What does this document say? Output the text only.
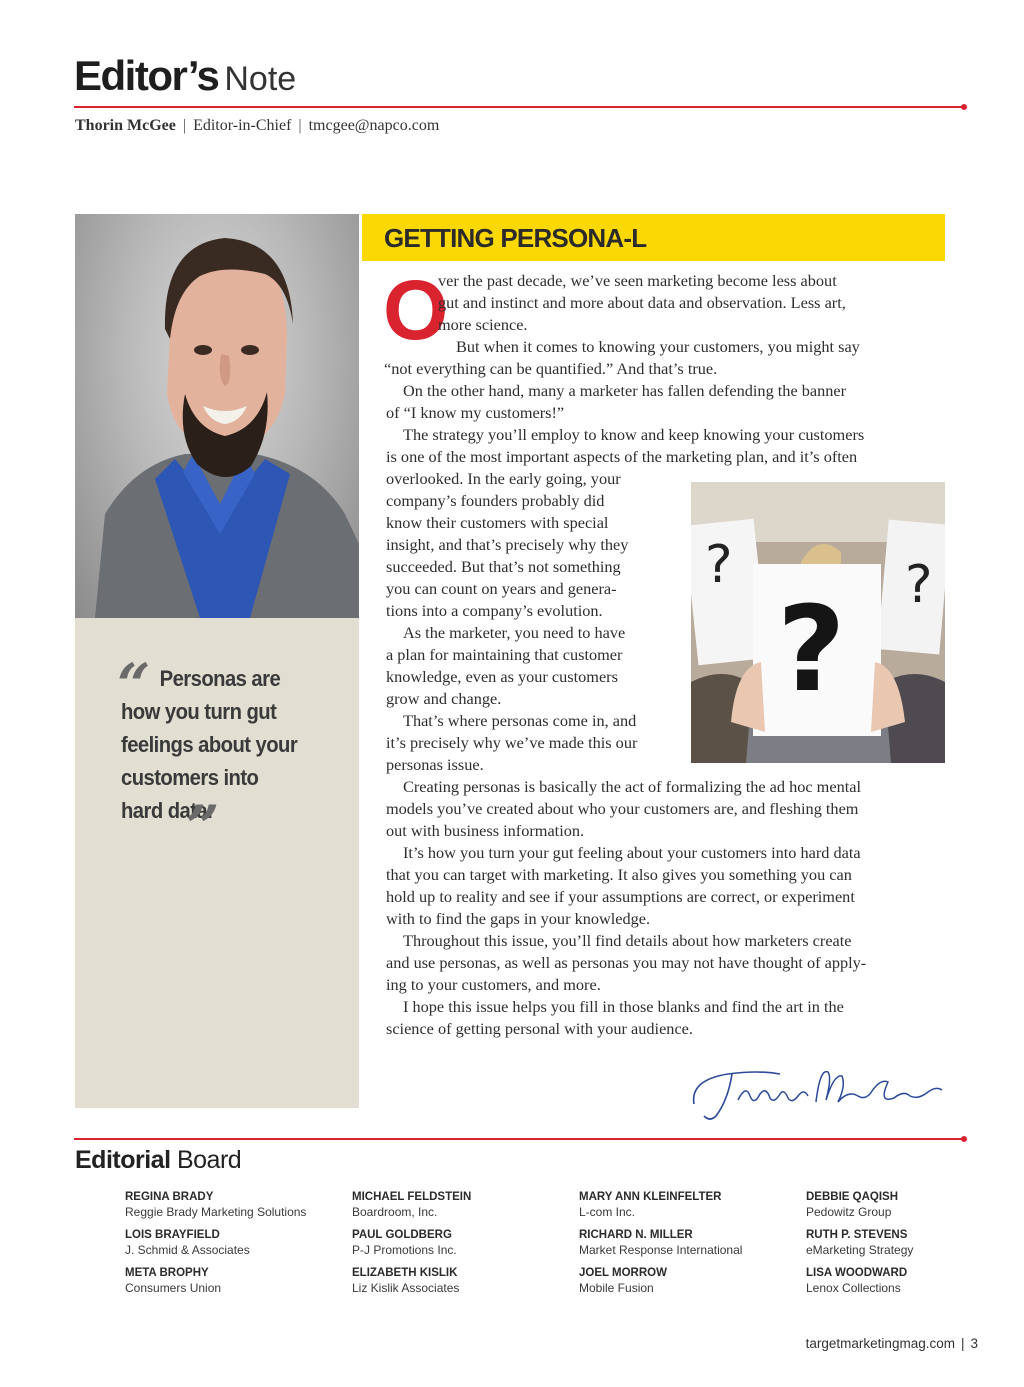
Editor’s Note
Thorin McGee | Editor-in-Chief | tmcgee@napco.com
“ Personas are how you turn gut feelings about your customers into hard data.
”
GETTING PERSONA-L
O
ver the past decade, we’ve seen marketing become less about
gut and instinct and more about data and observation. Less art,
more science.
But when it comes to knowing your customers, you might say
“not everything can be quantified.” And that’s true.
On the other hand, many a marketer has fallen defending the banner
of “I know my customers!”
The strategy you’ll employ to know and keep knowing your customers
is one of the most important aspects of the marketing plan, and it’s often
overlooked. In the early going, your
company’s founders probably did
know their customers with special
insight, and that’s precisely why they
succeeded. But that’s not something
you can count on years and genera-
tions into a company’s evolution.
As the marketer, you need to have
a plan for maintaining that customer
knowledge, even as your customers
grow and change.
That’s where personas come in, and
it’s precisely why we’ve made this our
personas issue.
?	?
?
Creating personas is basically the act of formalizing the ad hoc mental
models you’ve created about who your customers are, and fleshing them
out with business information.
It’s how you turn your gut feeling about your customers into hard data
that you can target with marketing. It also gives you something you can
hold up to reality and see if your assumptions are correct, or experiment
with to find the gaps in your knowledge.
Throughout this issue, you’ll find details about how marketers create
and use personas, as well as personas you may not have thought of apply-
ing to your customers, and more.
I hope this issue helps you fill in those blanks and find the art in the
science of getting personal with your audience.
Editorial Board
REGINA BRADY
Reggie Brady Marketing Solutions
LOIS BRAYFIELD
J. Schmid & Associates
META BROPHY
Consumers Union
MICHAEL FELDSTEIN
Boardroom, Inc.
PAUL GOLDBERG
P-J Promotions Inc.
ELIZABETH KISLIK
Liz Kislik Associates
MARY ANN KLEINFELTER
L-com Inc.
RICHARD N. MILLER
Market Response International
JOEL MORROW
Mobile Fusion
DEBBIE QAQISH
Pedowitz Group
RUTH P. STEVENS
eMarketing Strategy
LISA WOODWARD
Lenox Collections
targetmarketingmag.com | 3
